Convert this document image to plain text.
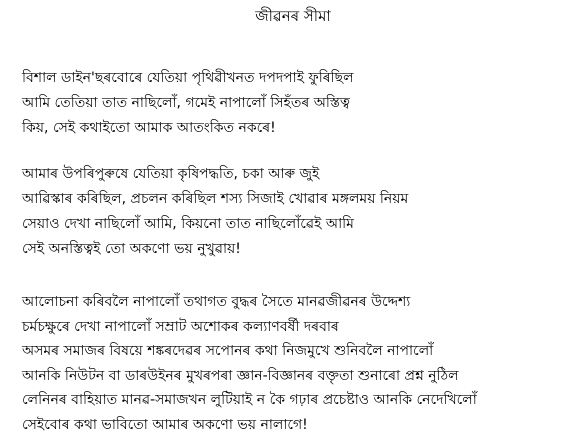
জীৱনৰ সীমা
বিশাল ডাইন'ছৰবোৰে যেতিয়া পৃথিৱীখনত দপদপাই ফুৰিছিল
আমি তেতিয়া তাত নাছিলোঁ, গমেই নাপালোঁ সিহঁতৰ অস্তিত্ব
কিয়, সেই কথাইতো আমাক আতংকিত নকৰে!
আমাৰ উপৰিপুৰুষে যেতিয়া কৃষিপদ্ধতি, চকা আৰু জুই
আৱিস্কাৰ কৰিছিল, প্ৰচলন কৰিছিল শস্য সিজাই খোৱাৰ মঙ্গলময় নিয়ম
সেয়াও দেখা নাছিলোঁ আমি, কিয়নো তাত নাছিলোঁৱেই আমি
সেই অনস্তিত্বই তো অকণো ভয় নুখুৱায়!
আলোচনা কৰিবলৈ নাপালোঁ তথাগত বুদ্ধৰ সৈতে মানৱজীৱনৰ উদ্দেশ্য
চৰ্মচক্ষুৰে দেখা নাপালোঁ সম্ৰাট অশোকৰ কল্যাণবৰ্ষী দৰবাৰ
অসমৰ সমাজৰ বিষয়ে শঙ্কৰদেৱৰ সপোনৰ কথা নিজমুখে শুনিবলৈ নাপালোঁ
আনকি নিউটন বা ডাৰউইনৰ মুখৰপৰা জ্ঞান-বিজ্ঞানৰ বক্তৃতা শুনাৰো প্ৰশ্ন নুঠিল
লেনিনৰ বাহিয়াত মানৱ-সমাজখন লুটিয়াই ন কৈ গঢ়াৰ প্ৰচেষ্টাও আনকি নেদেখিলোঁ
সেইবোৰ কথা ভাবিতো আমাৰ অকণো ভয় নালাগে!
